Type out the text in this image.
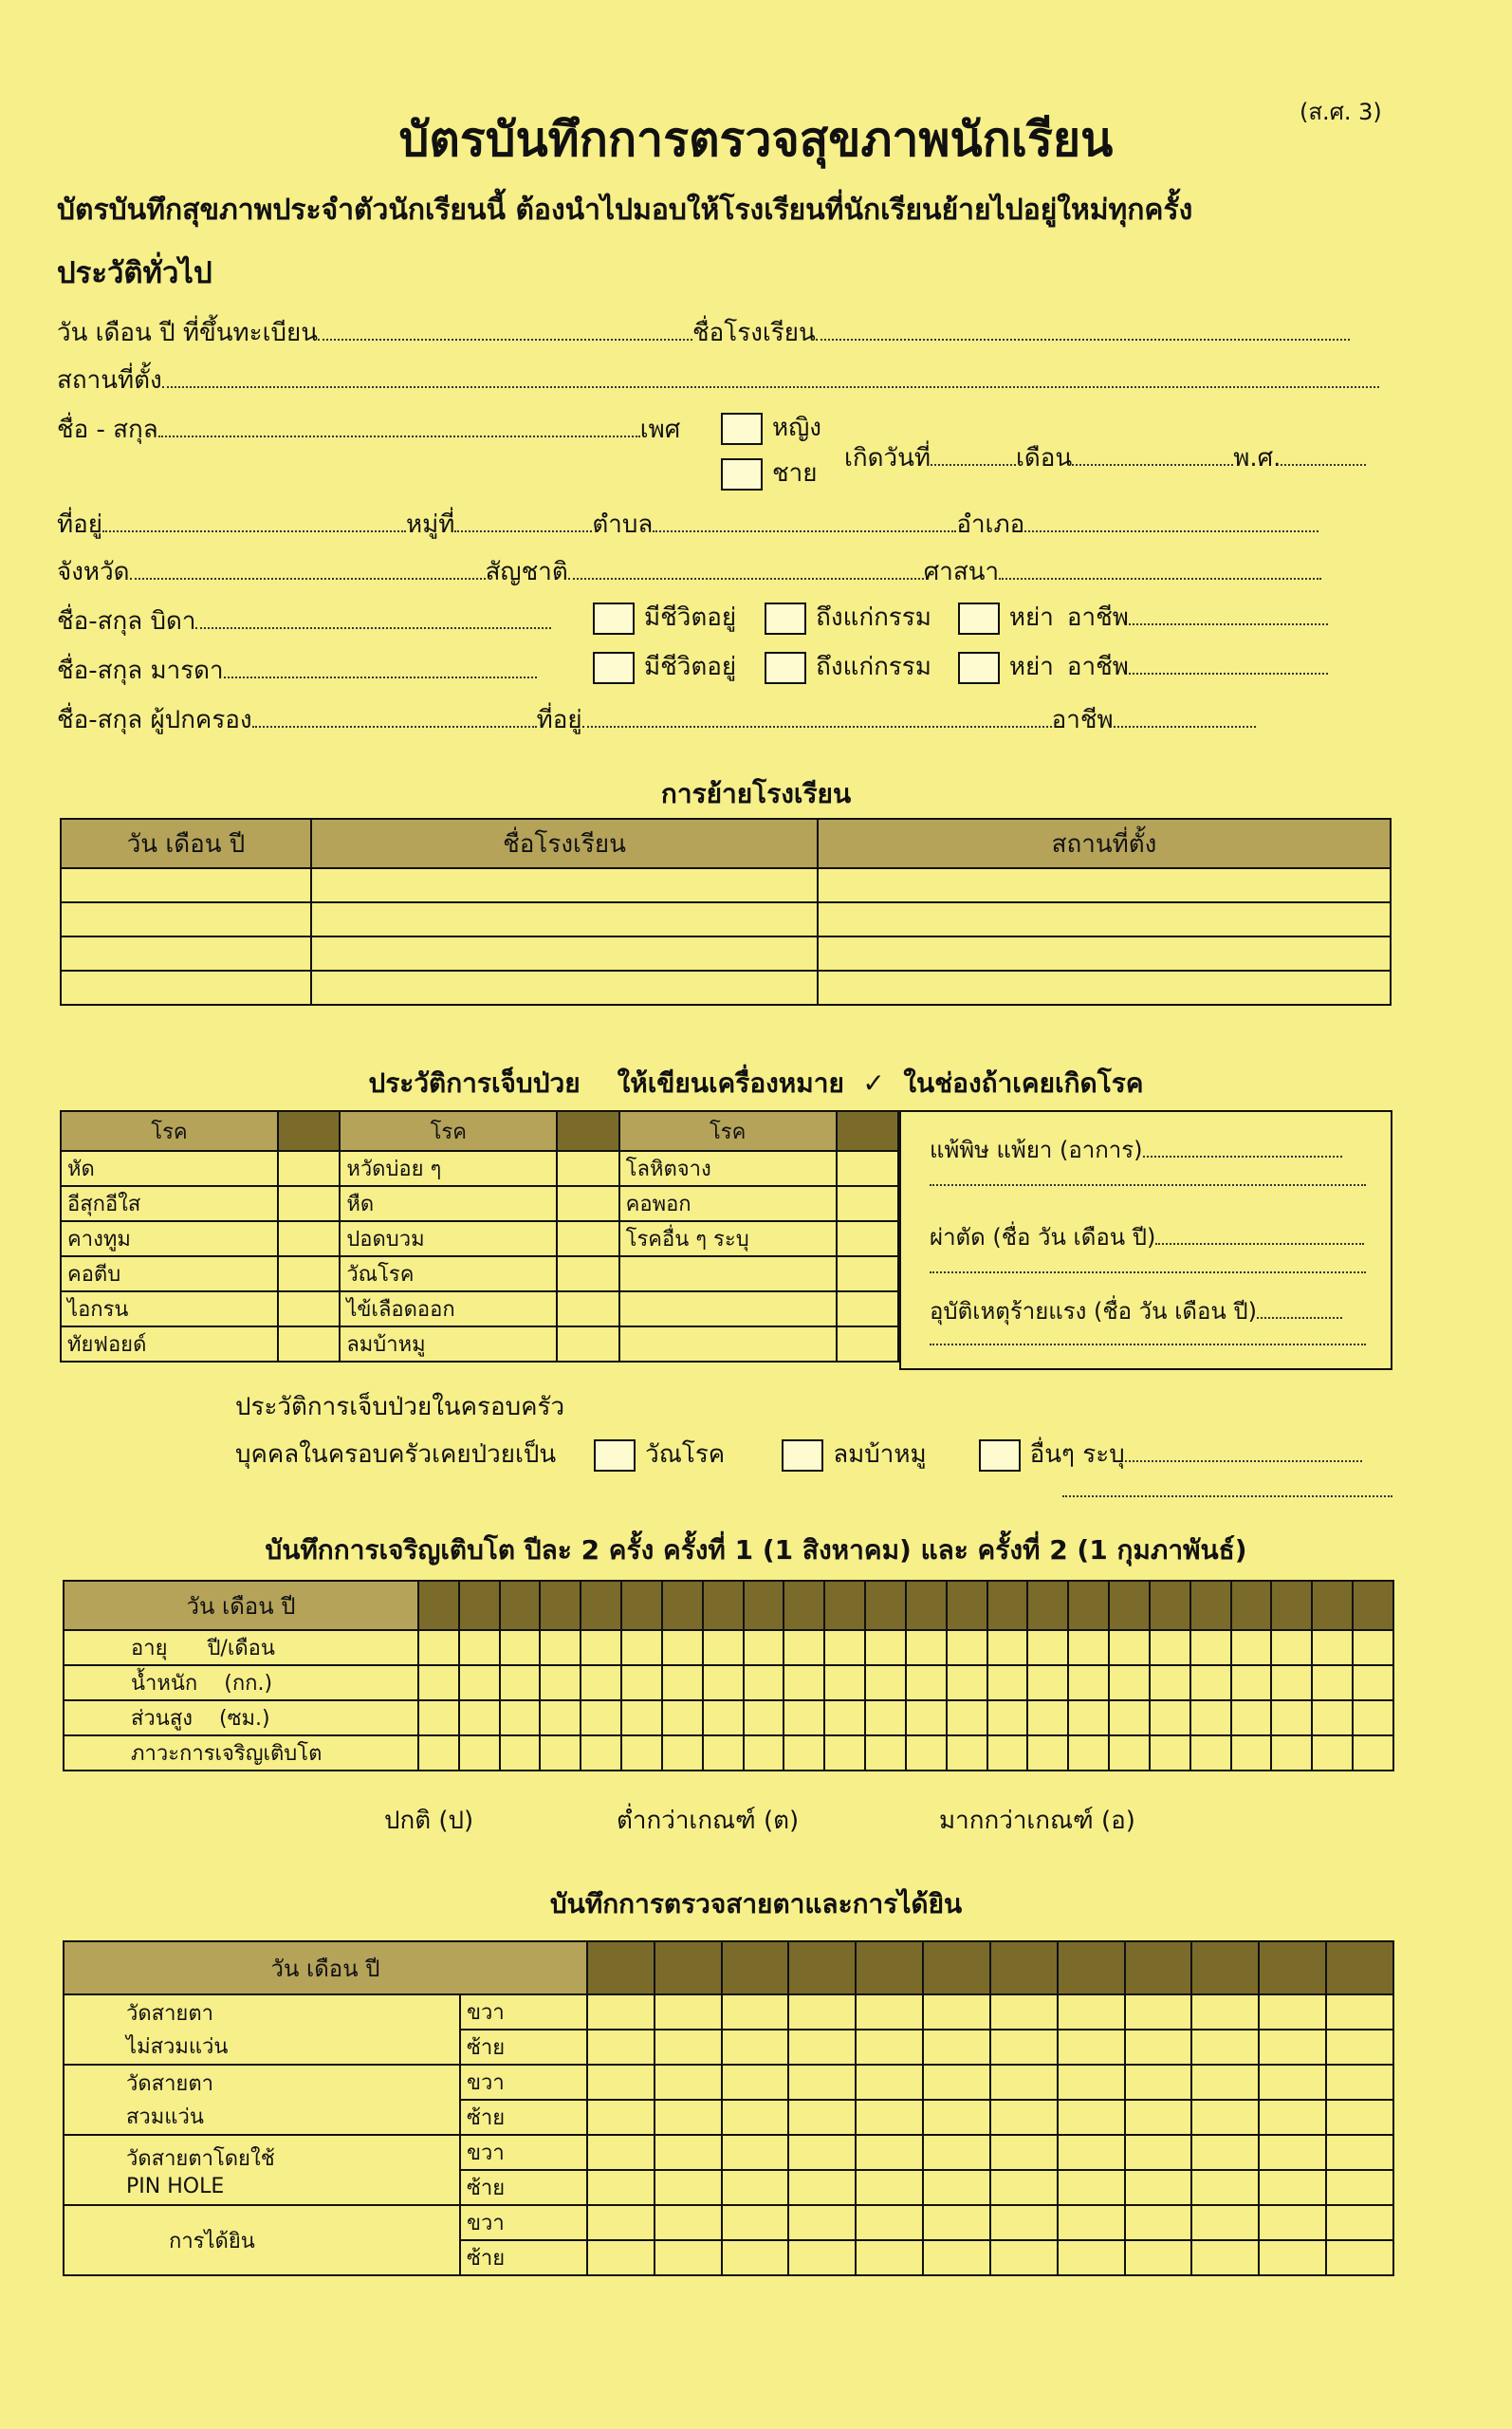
บัตรบันทึกการตรวจสุขภาพนักเรียน	(ส.ศ. 3)
บัตรบันทึกสุขภาพประจำตัวนักเรียนนี้ ต้องนำไปมอบให้โรงเรียนที่นักเรียนย้ายไปอยู่ใหม่ทุกครั้ง
ประวัติทั่วไป
วัน เดือน ปี ที่ขึ้นทะเบียน	ชื่อโรงเรียน
สถานที่ตั้ง
ชื่อ - สกุล	เพศ	หญิง
ชาย
เกิดวันที่	เดือน	พ.ศ.
ที่อยู่	หมู่ที่	ตำบล	อำเภอ
จังหวัด	สัญชาติ	ศาสนา
ชื่อ-สกุล บิดา	มีชีวิตอยู่	ถึงแก่กรรม	หย่า อาชีพ
ชื่อ-สกุล มารดา	มีชีวิตอยู่	ถึงแก่กรรม	หย่า อาชีพ
ชื่อ-สกุล ผู้ปกครอง	ที่อยู่	อาชีพ
การย้ายโรงเรียน
วัน เดือน ปี	ชื่อโรงเรียน	สถานที่ตั้ง

ประวัติการเจ็บป่วย ให้เขียนเครื่องหมาย ✓ ในช่องถ้าเคยเกิดโรค
โรค		โรค		โรค	
หัด		หวัดบ่อย ๆ		โลหิตจาง	
อีสุกอีใส		หืด		คอพอก	
คางทูม		ปอดบวม		โรคอื่น ๆ ระบุ	
คอตีบ		วัณโรค			
ไอกรน		ไข้เลือดออก			
ทัยฟอยด์		ลมบ้าหมู			
แพ้พิษ แพ้ยา (อาการ)
ผ่าตัด (ชื่อ วัน เดือน ปี)
อุบัติเหตุร้ายแรง (ชื่อ วัน เดือน ปี)
ประวัติการเจ็บป่วยในครอบครัว
บุคคลในครอบครัวเคยป่วยเป็น	วัณโรค	ลมบ้าหมู	อื่นๆ ระบุ
บันทึกการเจริญเติบโต ปีละ 2 ครั้ง ครั้งที่ 1 (1 สิงหาคม) และ ครั้งที่ 2 (1 กุมภาพันธ์)
วัน เดือน ปี																								
อายุ ปี/เดือน																								
น้ำหนัก (กก.)																								
ส่วนสูง (ซม.)																								
ภาวะการเจริญเติบโต																								
ปกติ (ป)	ต่ำกว่าเกณฑ์ (ต)	มากกว่าเกณฑ์ (อ)
บันทึกการตรวจสายตาและการได้ยิน
วัน เดือน ปี													

วัดสายตา
ไม่สวมแว่น	ขวา												
	ซ้าย												

วัดสายตา
สวมแว่น	ขวา												
	ซ้าย												

วัดสายตาโดยใช้
PIN HOLE	ขวา												
	ซ้าย												

การได้ยิน	ขวา												
	ซ้าย												
